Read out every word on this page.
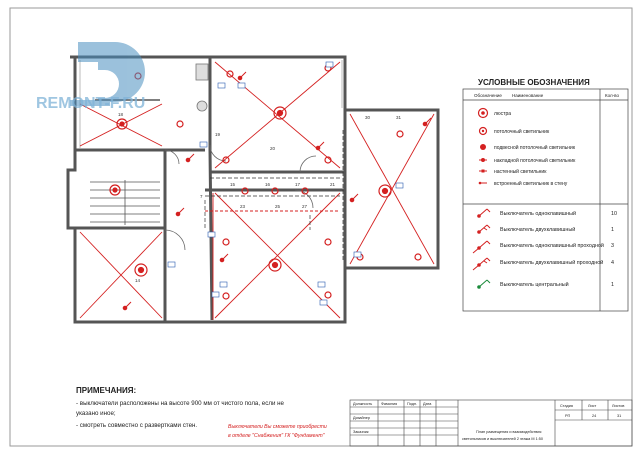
18
19
15	16	17	21
20
23
30
25
7
27
31
14
REMONT-F.RU
УСЛОВНЫЕ ОБОЗНАЧЕНИЯ
Обозначение Наименование	Кол-во
люстра
потолочный светильник
подвесной потолочный светильник
накладной потолочный светильник
настенный светильник
встроенный светильник в стену
Выключатель одноклавишный	10
Выключатель двухклавишный	1
Выключатель одноклавишный проходной 3
Выключатель двухклавишный проходной 4
Выключатель центральный	1
ПРИМЕЧАНИЯ:
- выключатели расположены на высоте 900 мм от чистого пола, если не
указано иное;
- смотреть совместно с развертками стен.	Выключатели Вы сможете приобрести
в отделе "Снабжения" ГК "Фундамент"
Должность Фамилия	Подп. Дата
Дизайнер
Заказчик
Стадия	Лист	Листов
РП	24	31
План размещения и взаимодействия
светильников и выключателей 2 этажа М 1:50
